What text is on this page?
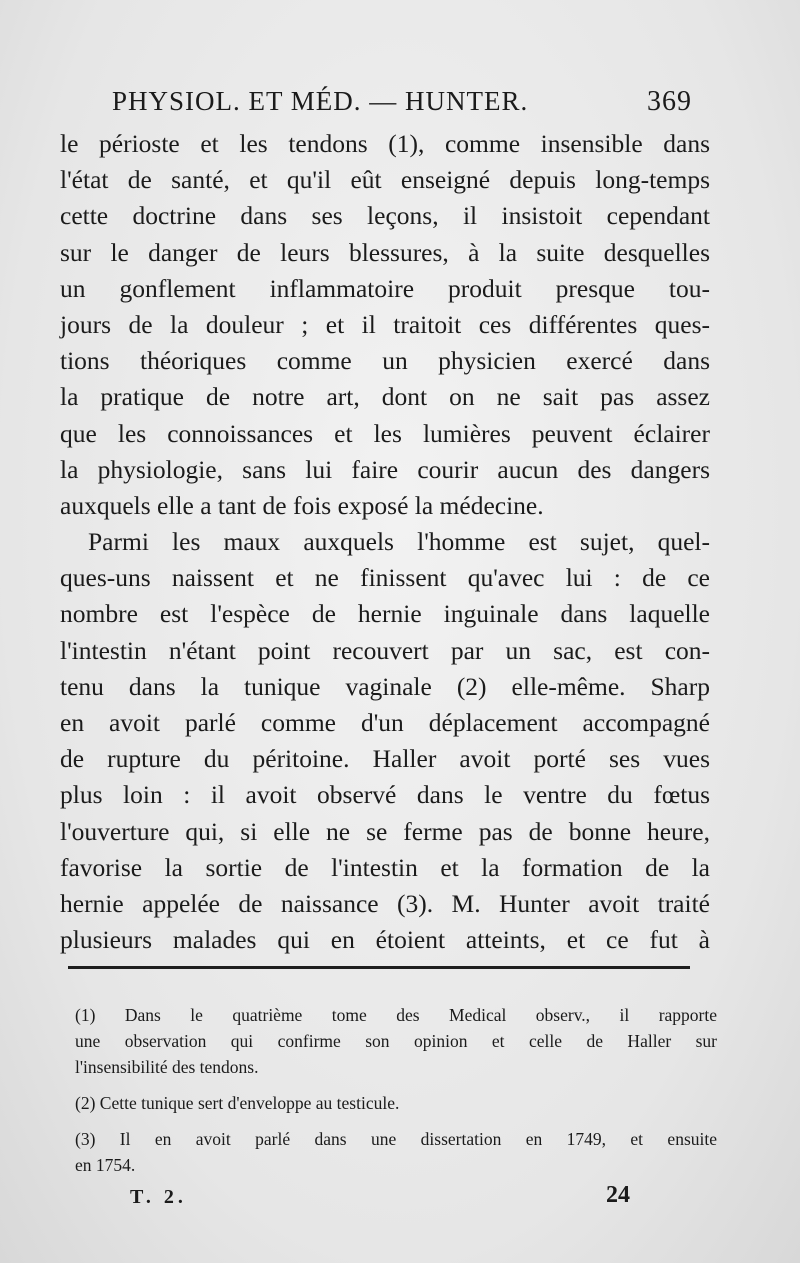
PHYSIOL. ET MÉD. — HUNTER.	369
le périoste et les tendons (1), comme insensible dans
l'état de santé, et qu'il eût enseigné depuis long-temps
cette doctrine dans ses leçons, il insistoit cependant
sur le danger de leurs blessures, à la suite desquelles
un gonflement inflammatoire produit presque tou-
jours de la douleur ; et il traitoit ces différentes ques-
tions théoriques comme un physicien exercé dans
la pratique de notre art, dont on ne sait pas assez
que les connoissances et les lumières peuvent éclairer
la physiologie, sans lui faire courir aucun des dangers
auxquels elle a tant de fois exposé la médecine.
Parmi les maux auxquels l'homme est sujet, quel-
ques-uns naissent et ne finissent qu'avec lui : de ce
nombre est l'espèce de hernie inguinale dans laquelle
l'intestin n'étant point recouvert par un sac, est con-
tenu dans la tunique vaginale (2) elle-même. Sharp
en avoit parlé comme d'un déplacement accompagné
de rupture du péritoine. Haller avoit porté ses vues
plus loin : il avoit observé dans le ventre du fœtus
l'ouverture qui, si elle ne se ferme pas de bonne heure,
favorise la sortie de l'intestin et la formation de la
hernie appelée de naissance (3). M. Hunter avoit traité
plusieurs malades qui en étoient atteints, et ce fut à
(1) Dans le quatrième tome des Medical observ., il rapporte
une observation qui confirme son opinion et celle de Haller sur
l'insensibilité des tendons.
(2) Cette tunique sert d'enveloppe au testicule.
(3) Il en avoit parlé dans une dissertation en 1749, et ensuite
en 1754.
T. 2.	24
